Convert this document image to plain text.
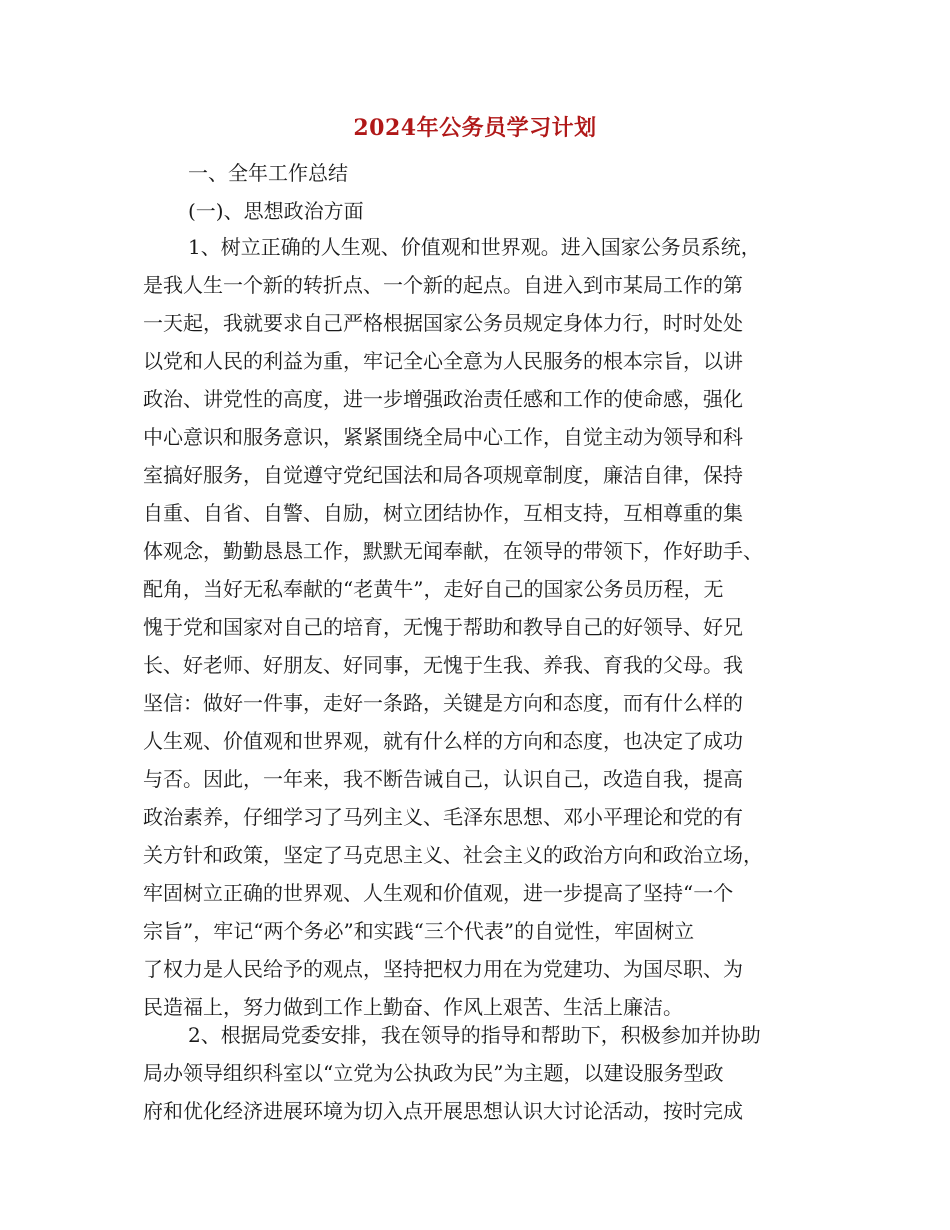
2024年公务员学习计划
一、全年工作总结
(一)、思想政治方面
1、树立正确的人生观、价值观和世界观。进入国家公务员系统，
是我人生一个新的转折点、一个新的起点。自进入到市某局工作的第
一天起，我就要求自己严格根据国家公务员规定身体力行，时时处处
以党和人民的利益为重，牢记全心全意为人民服务的根本宗旨，以讲
政治、讲党性的高度，进一步增强政治责任感和工作的使命感，强化
中心意识和服务意识，紧紧围绕全局中心工作，自觉主动为领导和科
室搞好服务，自觉遵守党纪国法和局各项规章制度，廉洁自律，保持
自重、自省、自警、自励，树立团结协作，互相支持，互相尊重的集
体观念，勤勤恳恳工作，默默无闻奉献，在领导的带领下，作好助手、
配角，当好无私奉献的“老黄牛”，走好自己的国家公务员历程，无
愧于党和国家对自己的培育，无愧于帮助和教导自己的好领导、好兄
长、好老师、好朋友、好同事，无愧于生我、养我、育我的父母。我
坚信：做好一件事，走好一条路，关键是方向和态度，而有什么样的
人生观、价值观和世界观，就有什么样的方向和态度，也决定了成功
与否。因此，一年来，我不断告诫自己，认识自己，改造自我，提高
政治素养，仔细学习了马列主义、毛泽东思想、邓小平理论和党的有
关方针和政策，坚定了马克思主义、社会主义的政治方向和政治立场，
牢固树立正确的世界观、人生观和价值观，进一步提高了坚持“一个
宗旨”，牢记“两个务必”和实践“三个代表”的自觉性，牢固树立
了权力是人民给予的观点，坚持把权力用在为党建功、为国尽职、为
民造福上，努力做到工作上勤奋、作风上艰苦、生活上廉洁。
2、根据局党委安排，我在领导的指导和帮助下，积极参加并协助
局办领导组织科室以“立党为公执政为民”为主题，以建设服务型政
府和优化经济进展环境为切入点开展思想认识大讨论活动，按时完成
